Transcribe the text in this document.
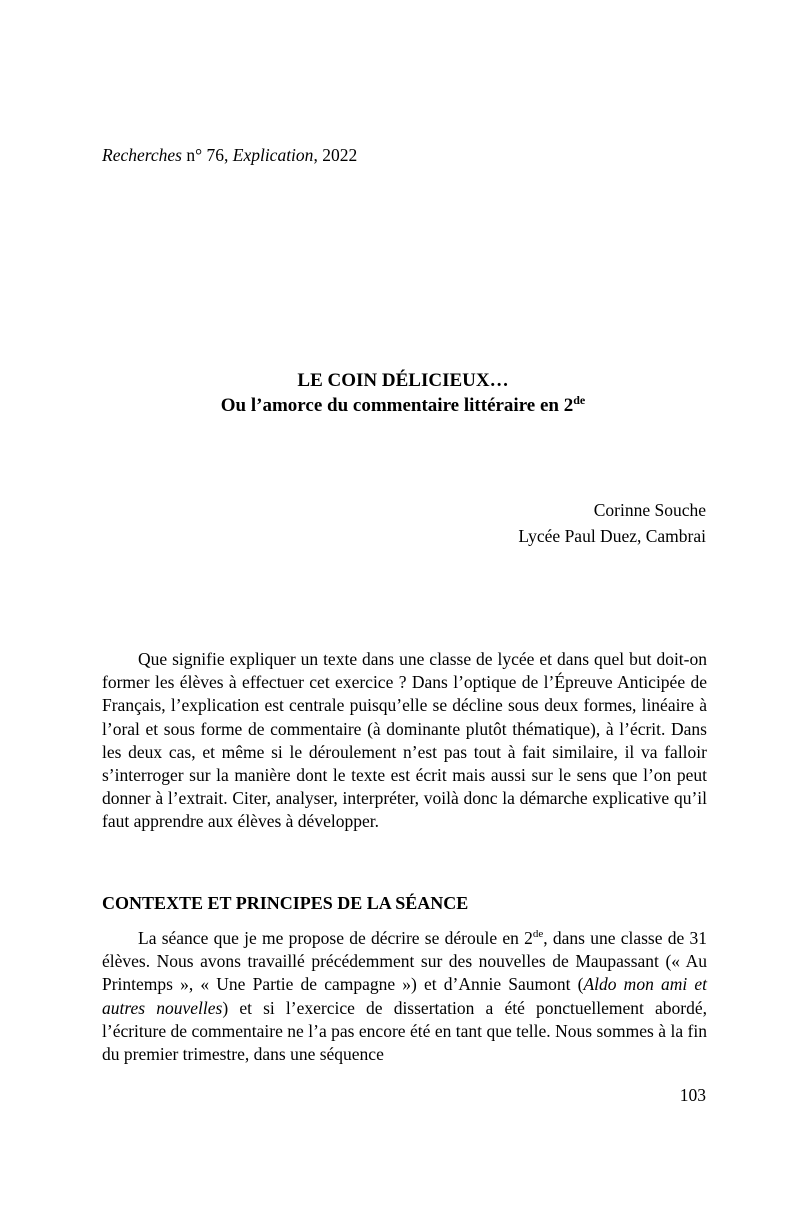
Recherches n° 76, Explication, 2022
LE COIN DÉLICIEUX…
Ou l’amorce du commentaire littéraire en 2de
Corinne Souche
Lycée Paul Duez, Cambrai

Que signifie expliquer un texte dans une classe de lycée et dans quel but doit-on former les élèves à effectuer cet exercice ? Dans l’optique de l’Épreuve Anticipée de Français, l’explication est centrale puisqu’elle se décline sous deux formes, linéaire à l’oral et sous forme de commentaire (à dominante plutôt thématique), à l’écrit. Dans les deux cas, et même si le déroulement n’est pas tout à fait similaire, il va falloir s’interroger sur la manière dont le texte est écrit mais aussi sur le sens que l’on peut donner à l’extrait. Citer, analyser, interpréter, voilà donc la démarche explicative qu’il faut apprendre aux élèves à développer.

CONTEXTE ET PRINCIPES DE LA SÉANCE

La séance que je me propose de décrire se déroule en 2de, dans une classe de 31 élèves. Nous avons travaillé précédemment sur des nouvelles de Maupassant (« Au Printemps », « Une Partie de campagne ») et d’Annie Saumont (Aldo mon ami et autres nouvelles) et si l’exercice de dissertation a été ponctuellement abordé, l’écriture de commentaire ne l’a pas encore été en tant que telle. Nous sommes à la fin du premier trimestre, dans une séquence

103
